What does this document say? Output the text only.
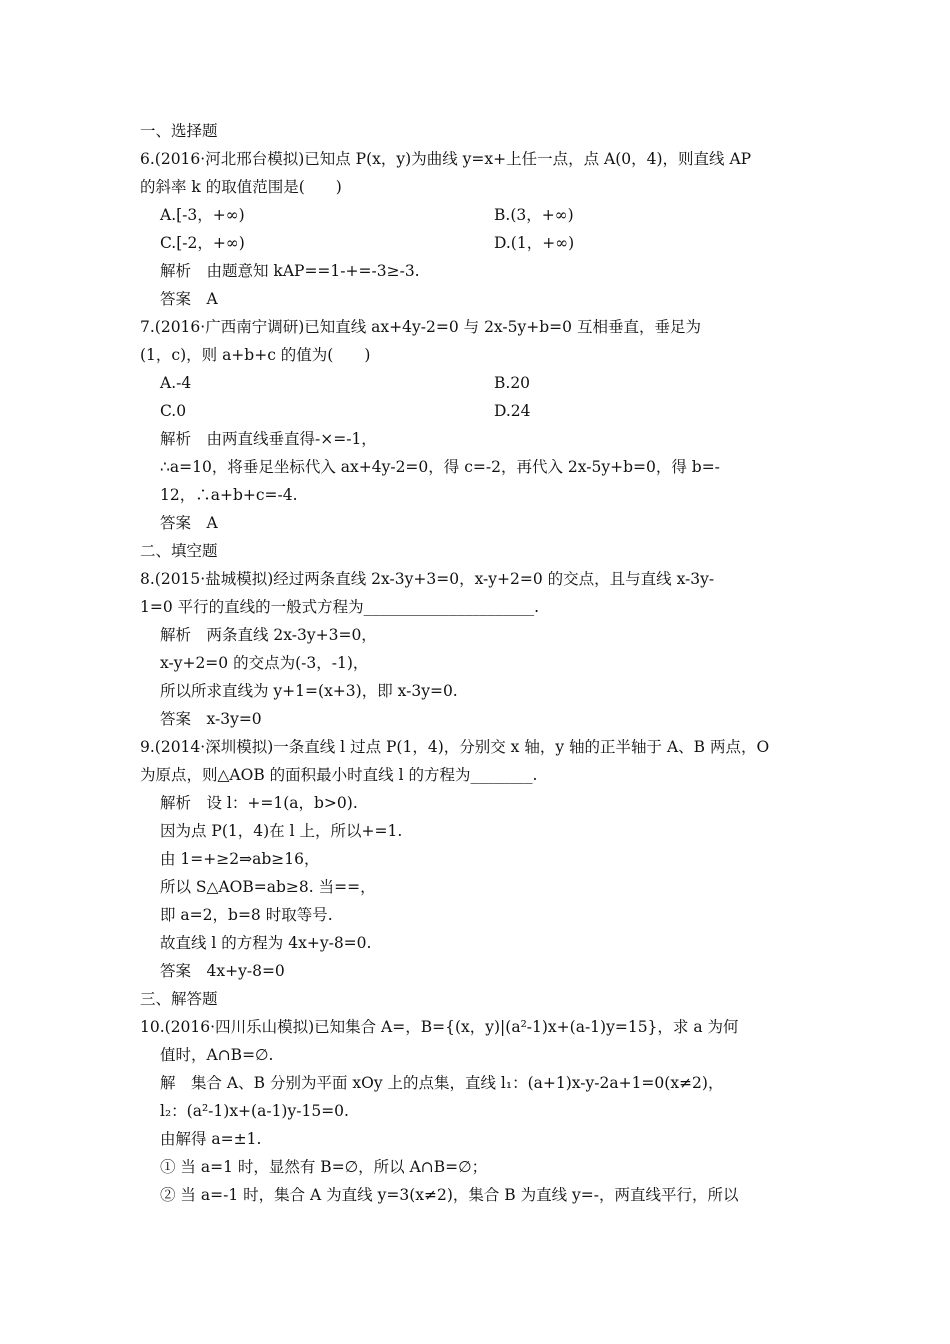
一、选择题
6.(2016·河北邢台模拟)已知点 P(x，y)为曲线 y=x+上任一点，点 A(0，4)，则直线 AP
的斜率 k 的取值范围是(　　)
A.[-3，+∞)	B.(3，+∞)
C.[-2，+∞)	D.(1，+∞)
解析　由题意知 kAP==1-+=-3≥-3.
答案　A
7.(2016·广西南宁调研)已知直线 ax+4y-2=0 与 2x-5y+b=0 互相垂直，垂足为
(1，c)，则 a+b+c 的值为(　　)
A.-4	B.20
C.0	D.24
解析　由两直线垂直得-×=-1，
∴a=10，将垂足坐标代入 ax+4y-2=0，得 c=-2，再代入 2x-5y+b=0，得 b=-
12，∴a+b+c=-4.
答案　A
二、填空题
8.(2015·盐城模拟)经过两条直线 2x-3y+3=0，x-y+2=0 的交点，且与直线 x-3y-
1=0 平行的直线的一般式方程为______________________.
解析　两条直线 2x-3y+3=0，
x-y+2=0 的交点为(-3，-1)，
所以所求直线为 y+1=(x+3)，即 x-3y=0.
答案　x-3y=0
9.(2014·深圳模拟)一条直线 l 过点 P(1，4)，分别交 x 轴，y 轴的正半轴于 A、B 两点，O
为原点，则△AOB 的面积最小时直线 l 的方程为________.
解析　设 l：+=1(a，b>0).
因为点 P(1，4)在 l 上，所以+=1.
由 1=+≥2⇒ab≥16，
所以 S△AOB=ab≥8. 当==，
即 a=2，b=8 时取等号.
故直线 l 的方程为 4x+y-8=0.
答案　4x+y-8=0
三、解答题
10.(2016·四川乐山模拟)已知集合 A=，B={(x，y)|(a²-1)x+(a-1)y=15}，求 a 为何
值时，A∩B=∅.
解　集合 A、B 分别为平面 xOy 上的点集，直线 l₁：(a+1)x-y-2a+1=0(x≠2)，
l₂：(a²-1)x+(a-1)y-15=0.
由解得 a=±1.
① 当 a=1 时，显然有 B=∅，所以 A∩B=∅；
② 当 a=-1 时，集合 A 为直线 y=3(x≠2)，集合 B 为直线 y=-，两直线平行，所以
